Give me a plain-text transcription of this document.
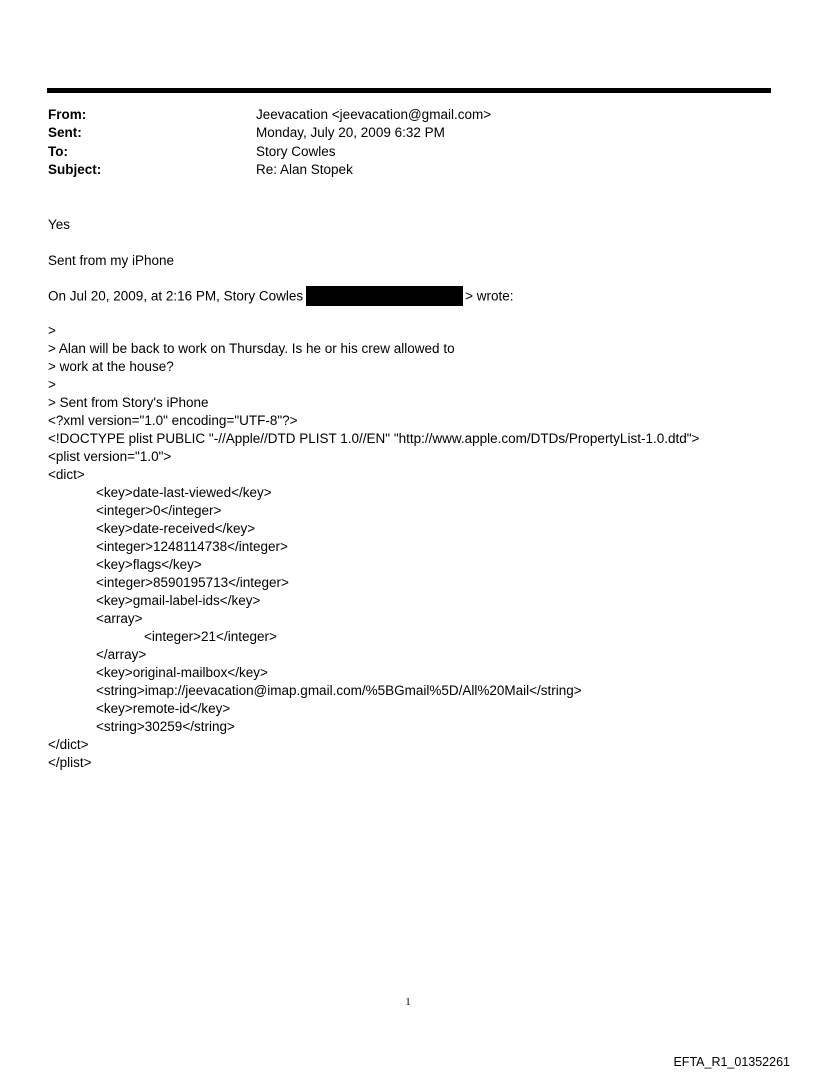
From:	Jeevacation <jeevacation@gmail.com>
Sent:	Monday, July 20, 2009 6:32 PM
To:	Story Cowles
Subject:	Re: Alan Stopek
Yes
Sent from my iPhone
On Jul 20, 2009, at 2:16 PM, Story Cowles	> wrote:
>
> Alan will be back to work on Thursday. Is he or his crew allowed to
> work at the house?
>
> Sent from Story's iPhone
<?xml version="1.0" encoding="UTF-8"?>
<!DOCTYPE plist PUBLIC "-//Apple//DTD PLIST 1.0//EN" "http://www.apple.com/DTDs/PropertyList-1.0.dtd">
<plist version="1.0">
<dict>
<key>date-last-viewed</key>
<integer>0</integer>
<key>date-received</key>
<integer>1248114738</integer>
<key>flags</key>
<integer>8590195713</integer>
<key>gmail-label-ids</key>
<array>
<integer>21</integer>
</array>
<key>original-mailbox</key>
<string>imap://jeevacation@imap.gmail.com/%5BGmail%5D/All%20Mail</string>
<key>remote-id</key>
<string>30259</string>
</dict>
</plist>
1
EFTA_R1_01352261
